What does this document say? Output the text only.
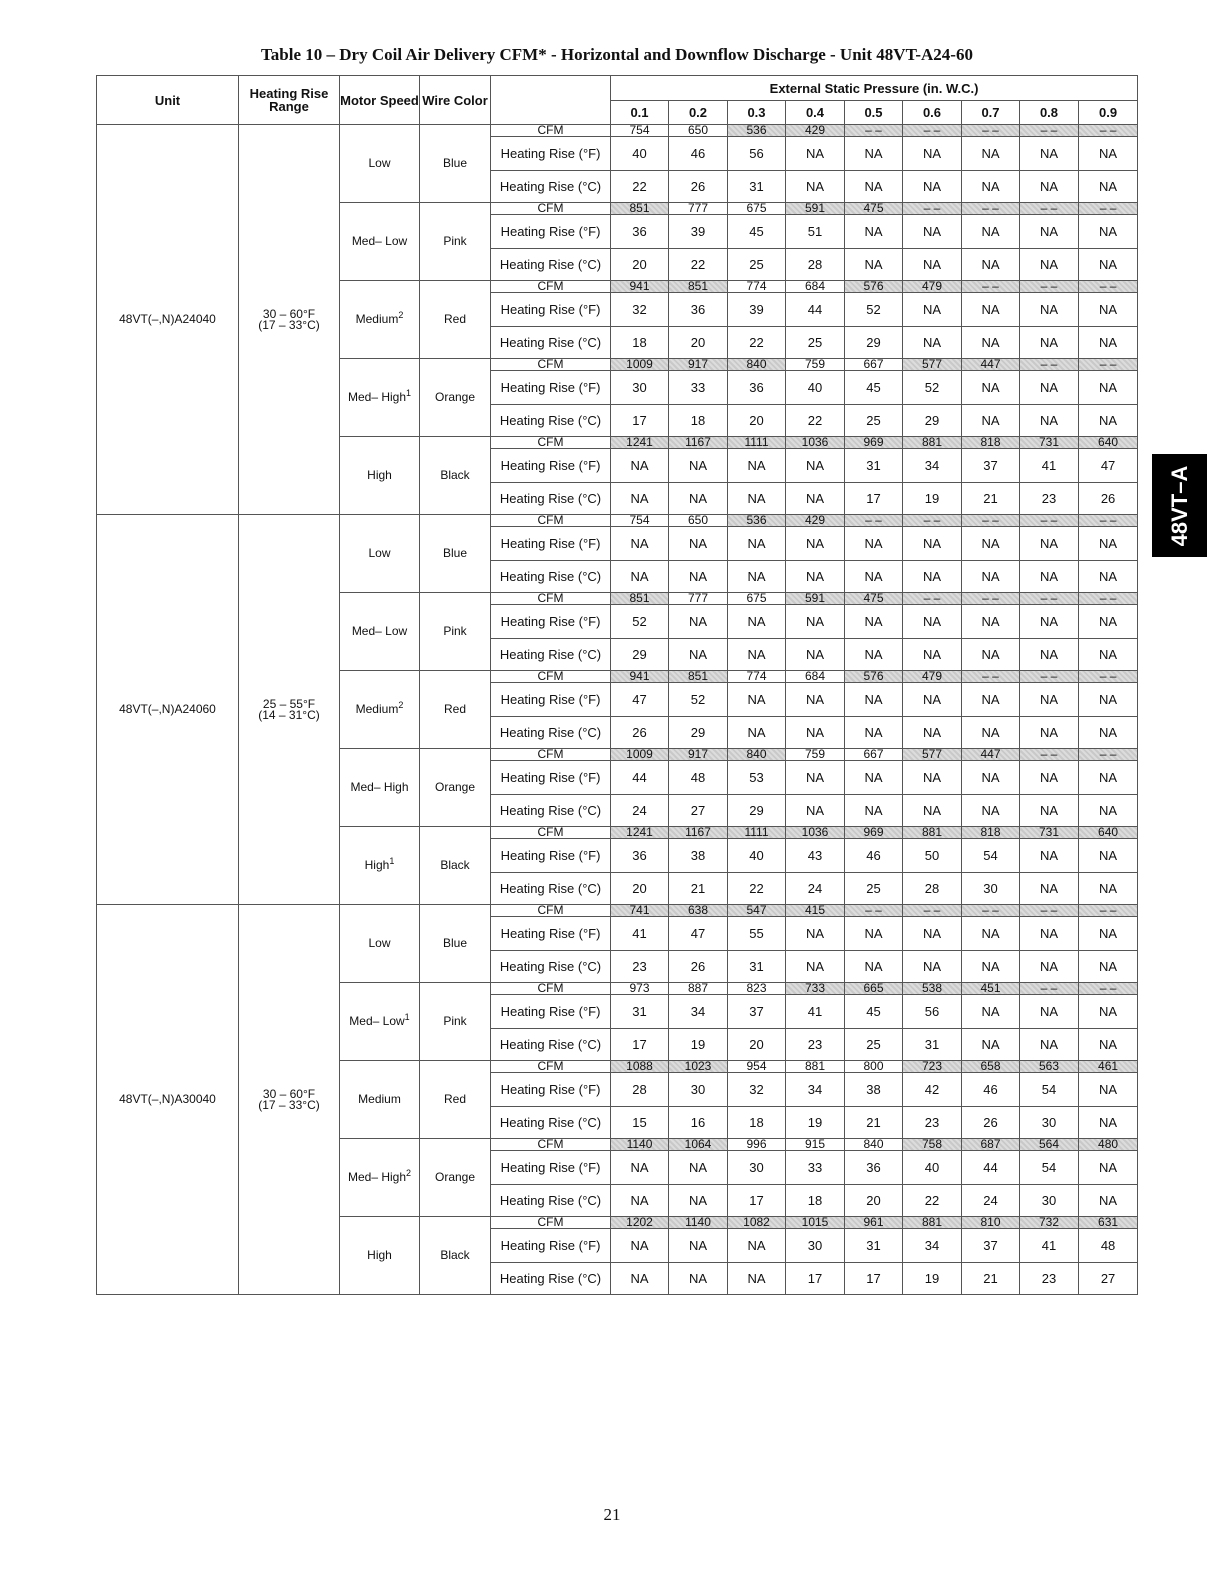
Table 10 – Dry Coil Air Delivery CFM* - Horizontal and Downflow Discharge - Unit 48VT-A24-60
Unit	Heating Rise Range	Motor Speed	Wire Color		External Static Pressure (in. W.C.)								
					0.1	0.2	0.3	0.4	0.5	0.6	0.7	0.8	0.9
48VT(–,N)A24040	30 – 60°F
(17 – 33°C)	Low	Blue	CFM	754	650	536	429	– –	– –	– –	– –	– –
				Heating Rise (°F)	40	46	56	NA	NA	NA	NA	NA	NA
				Heating Rise (°C)	22	26	31	NA	NA	NA	NA	NA	NA
		Med– Low	Pink	CFM	851	777	675	591	475	– –	– –	– –	– –
				Heating Rise (°F)	36	39	45	51	NA	NA	NA	NA	NA
				Heating Rise (°C)	20	22	25	28	NA	NA	NA	NA	NA
		Medium$^2$	Red	CFM	941	851	774	684	576	479	– –	– –	– –
				Heating Rise (°F)	32	36	39	44	52	NA	NA	NA	NA
				Heating Rise (°C)	18	20	22	25	29	NA	NA	NA	NA
		Med– High$^1$	Orange	CFM	1009	917	840	759	667	577	447	– –	– –
				Heating Rise (°F)	30	33	36	40	45	52	NA	NA	NA
				Heating Rise (°C)	17	18	20	22	25	29	NA	NA	NA
		High	Black	CFM	1241	1167	1111	1036	969	881	818	731	640
				Heating Rise (°F)	NA	NA	NA	NA	31	34	37	41	47
				Heating Rise (°C)	NA	NA	NA	NA	17	19	21	23	26
48VT(–,N)A24060	25 – 55°F
(14 – 31°C)	Low	Blue	CFM	754	650	536	429	– –	– –	– –	– –	– –
				Heating Rise (°F)	NA	NA	NA	NA	NA	NA	NA	NA	NA
				Heating Rise (°C)	NA	NA	NA	NA	NA	NA	NA	NA	NA
		Med– Low	Pink	CFM	851	777	675	591	475	– –	– –	– –	– –
				Heating Rise (°F)	52	NA	NA	NA	NA	NA	NA	NA	NA
				Heating Rise (°C)	29	NA	NA	NA	NA	NA	NA	NA	NA
		Medium$^2$	Red	CFM	941	851	774	684	576	479	– –	– –	– –
				Heating Rise (°F)	47	52	NA	NA	NA	NA	NA	NA	NA
				Heating Rise (°C)	26	29	NA	NA	NA	NA	NA	NA	NA
		Med– High	Orange	CFM	1009	917	840	759	667	577	447	– –	– –
				Heating Rise (°F)	44	48	53	NA	NA	NA	NA	NA	NA
				Heating Rise (°C)	24	27	29	NA	NA	NA	NA	NA	NA
		High$^1$	Black	CFM	1241	1167	1111	1036	969	881	818	731	640
				Heating Rise (°F)	36	38	40	43	46	50	54	NA	NA
				Heating Rise (°C)	20	21	22	24	25	28	30	NA	NA
48VT(–,N)A30040	30 – 60°F
(17 – 33°C)	Low	Blue	CFM	741	638	547	415	– –	– –	– –	– –	– –
				Heating Rise (°F)	41	47	55	NA	NA	NA	NA	NA	NA
				Heating Rise (°C)	23	26	31	NA	NA	NA	NA	NA	NA
		Med– Low$^1$	Pink	CFM	973	887	823	733	665	538	451	– –	– –
				Heating Rise (°F)	31	34	37	41	45	56	NA	NA	NA
				Heating Rise (°C)	17	19	20	23	25	31	NA	NA	NA
		Medium	Red	CFM	1088	1023	954	881	800	723	658	563	461
				Heating Rise (°F)	28	30	32	34	38	42	46	54	NA
				Heating Rise (°C)	15	16	18	19	21	23	26	30	NA
		Med– High$^2$	Orange	CFM	1140	1064	996	915	840	758	687	564	480
				Heating Rise (°F)	NA	NA	30	33	36	40	44	54	NA
				Heating Rise (°C)	NA	NA	17	18	20	22	24	30	NA
		High	Black	CFM	1202	1140	1082	1015	961	881	810	732	631
				Heating Rise (°F)	NA	NA	NA	30	31	34	37	41	48
				Heating Rise (°C)	NA	NA	NA	17	17	19	21	23	27
48VT–A
21
